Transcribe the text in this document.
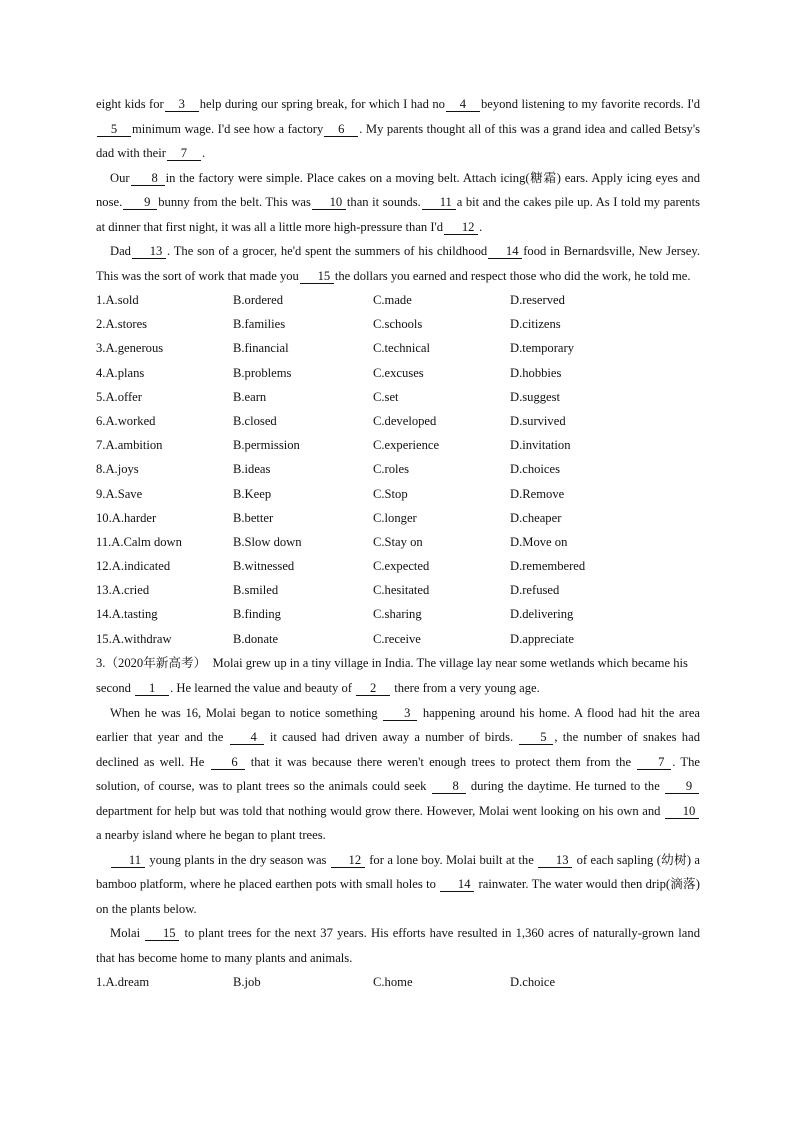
eight kids for 3 help during our spring break, for which I had no 4 beyond listening to my favorite records. I'd5 minimum wage. I'd see how a factory 6 . My parents thought all of this was a grand idea and called Betsy's dad with their 7 .

Our 8 in the factory were simple. Place cakes on a moving belt. Attach icing(糖霜) ears. Apply icing eyes and nose. 9 bunny from the belt. This was 10 than it sounds. 11 a bit and the cakes pile up. As I told my parents at dinner that first night, it was all a little more high-pressure than I'd 12 .

Dad 13 . The son of a grocer, he'd spent the summers of his childhood 14 food in Bernardsville, New Jersey. This was the sort of work that made you 15 the dollars you earned and respect those who did the work, he told me.

1.A.sold	B.ordered	C.made	D.reserved
2.A.stores	B.families	C.schools	D.citizens
3.A.generous	B.financial	C.technical	D.temporary
4.A.plans	B.problems	C.excuses	D.hobbies
5.A.offer	B.earn	C.set	D.suggest
6.A.worked	B.closed	C.developed	D.survived
7.A.ambition	B.permission	C.experience	D.invitation
8.A.joys	B.ideas	C.roles	D.choices
9.A.Save	B.Keep	C.Stop	D.Remove
10.A.harder	B.better	C.longer	D.cheaper
11.A.Calm down	B.Slow down	C.Stay on	D.Move on
12.A.indicated	B.witnessed	C.expected	D.remembered
13.A.cried	B.smiled	C.hesitated	D.refused
14.A.tasting	B.finding	C.sharing	D.delivering
15.A.withdraw	B.donate	C.receive	D.appreciate

3.（2020年新高考） Molai grew up in a tiny village in India. The village lay near some wetlands which became his second 1 . He learned the value and beauty of 2 there from a very young age.

When he was 16, Molai began to notice something 3 happening around his home. A flood had hit the area earlier that year and the 4 it caused had driven away a number of birds. 5 , the number of snakes had declined as well. He 6 that it was because there weren't enough trees to protect them from the 7 . The solution, of course, was to plant trees so the animals could seek 8 during the daytime. He turned to the 9 department for help but was told that nothing would grow there. However, Molai went looking on his own and 10 a nearby island where he began to plant trees.

11 young plants in the dry season was 12 for a lone boy. Molai built at the 13 of each sapling (幼树) a bamboo platform, where he placed earthen pots with small holes to 14 rainwater. The water would then drip(滴落) on the plants below.

Molai 15 to plant trees for the next 37 years. His efforts have resulted in 1,360 acres of naturally-grown land that has become home to many plants and animals.

1.A.dream	B.job	C.home	D.choice
